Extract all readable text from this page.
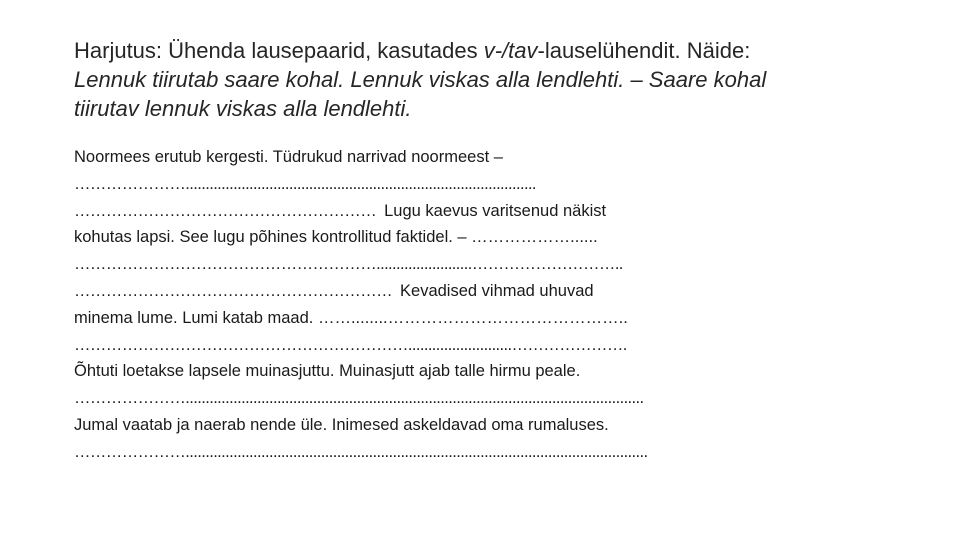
Harjutus: Ühenda lausepaarid, kasutades v-/tav-lauselühendit. Näide:
Lennuk tiirutab saare kohal. Lennuk viskas alla lendlehti. – Saare kohal
tiirutav lennuk viskas alla lendlehti.
Noormees erutub kergesti. Tüdrukud narrivad noormeest –
…………………........................................................................................
………………………………………………… Lugu kaevus varitsenud näkist
kohutas lapsi. See lugu põhines kontrollitud faktidel. – ………………......
…………………………………………………........................………………………..
…………………………………………………… Kevadised vihmad uhuvad
minema lume. Lumi katab maad. ……........……………………………………..
………………………………………………………..........................………………….
Õhtuti loetakse lapsele muinasjuttu. Muinasjutt ajab talle hirmu peale.
…………………...................................................................................................................
Jumal vaatab ja naerab nende üle. Inimesed askeldavad oma rumaluses.
…………………....................................................................................................................
